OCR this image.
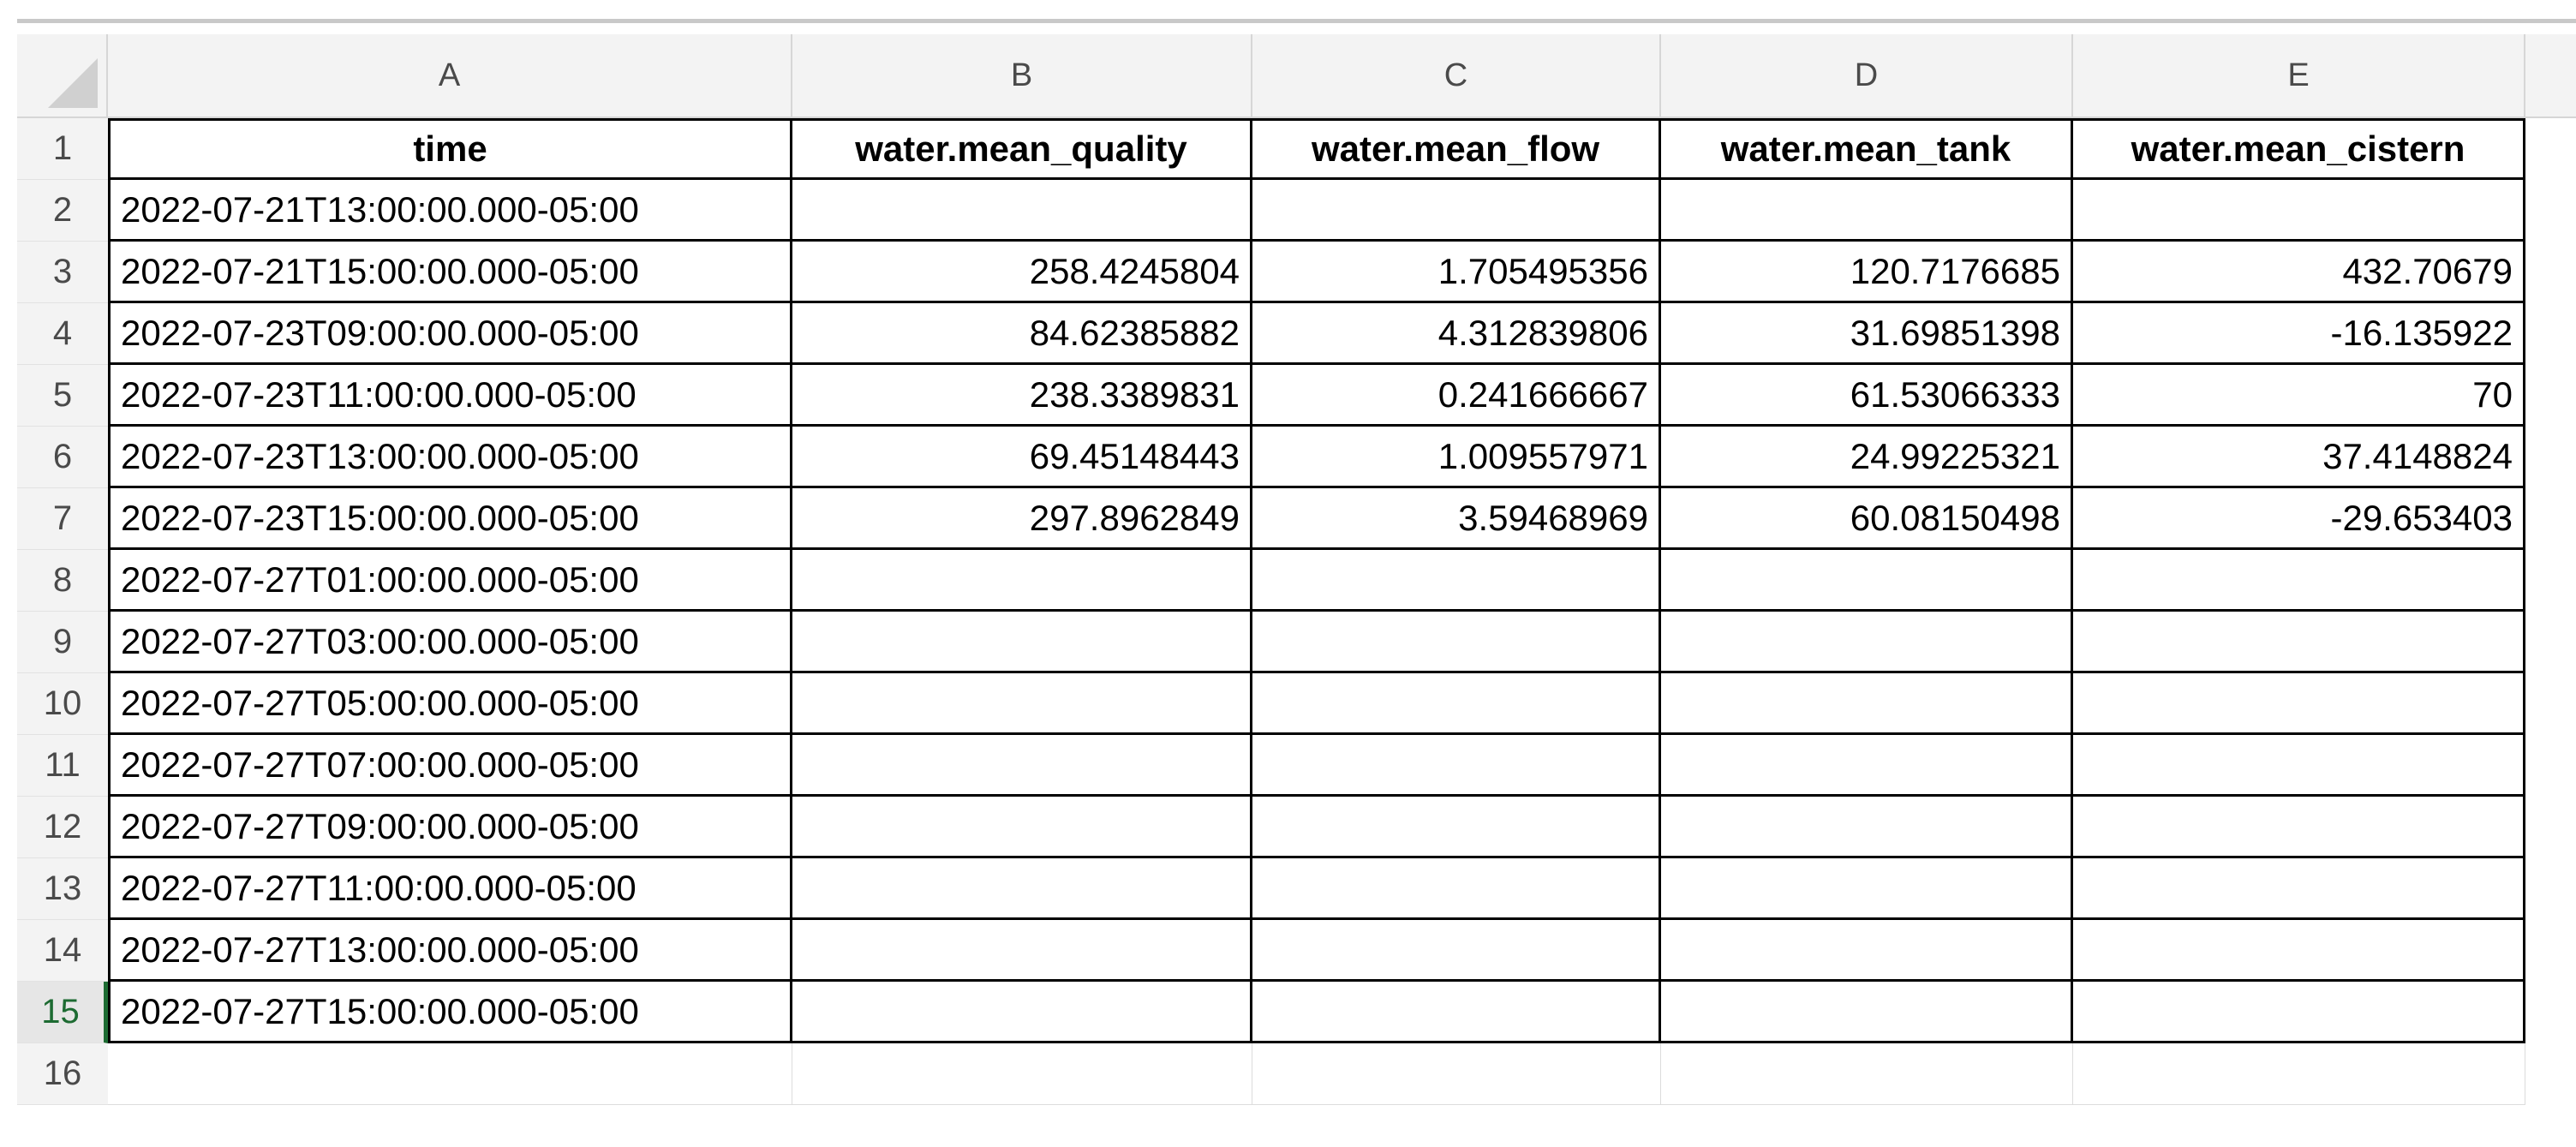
A	B	C	D	E
1
2
3
4
5
6
7
8
9
10
11
12
13
14
15
16
time	water.mean_quality	water.mean_flow	water.mean_tank	water.mean_cistern
2022-07-21T13:00:00.000-05:00
2022-07-21T15:00:00.000-05:00	258.4245804	1.705495356	120.7176685	432.70679
2022-07-23T09:00:00.000-05:00	84.62385882	4.312839806	31.69851398	-16.135922
2022-07-23T11:00:00.000-05:00	238.3389831	0.241666667	61.53066333	70
2022-07-23T13:00:00.000-05:00	69.45148443	1.009557971	24.99225321	37.4148824
2022-07-23T15:00:00.000-05:00	297.8962849	3.59468969	60.08150498	-29.653403
2022-07-27T01:00:00.000-05:00
2022-07-27T03:00:00.000-05:00
2022-07-27T05:00:00.000-05:00
2022-07-27T07:00:00.000-05:00
2022-07-27T09:00:00.000-05:00
2022-07-27T11:00:00.000-05:00
2022-07-27T13:00:00.000-05:00
2022-07-27T15:00:00.000-05:00
